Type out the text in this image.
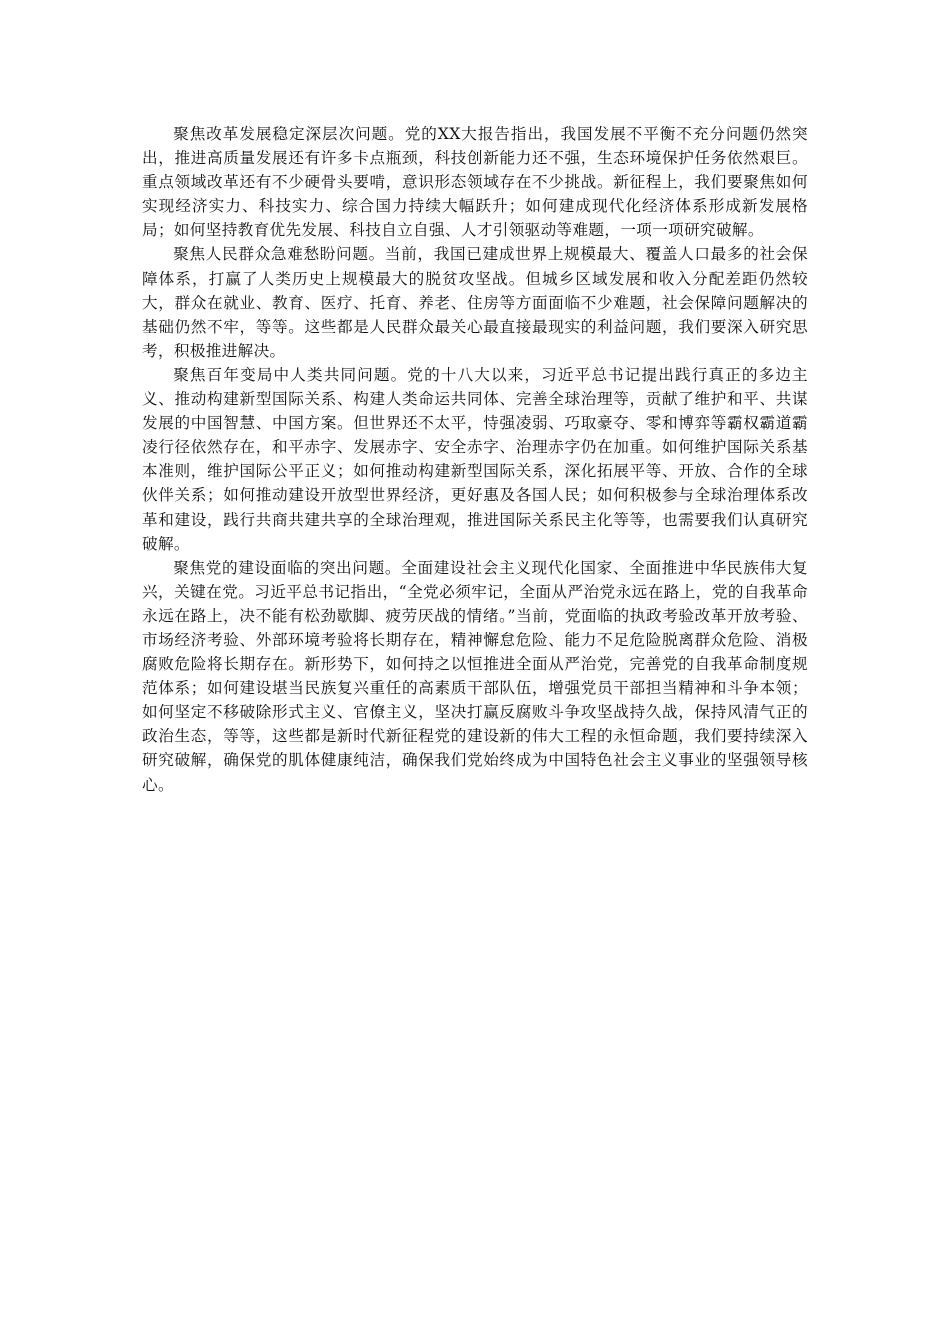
聚焦改革发展稳定深层次问题。党的XX大报告指出，我国发展不平衡不充分问题仍然突出，推进高质量发展还有许多卡点瓶颈，科技创新能力还不强，生态环境保护任务依然艰巨。重点领域改革还有不少硬骨头要啃，意识形态领域存在不少挑战。新征程上，我们要聚焦如何实现经济实力、科技实力、综合国力持续大幅跃升；如何建成现代化经济体系形成新发展格局；如何坚持教育优先发展、科技自立自强、人才引领驱动等难题，一项一项研究破解。

聚焦人民群众急难愁盼问题。当前，我国已建成世界上规模最大、覆盖人口最多的社会保障体系，打赢了人类历史上规模最大的脱贫攻坚战。但城乡区域发展和收入分配差距仍然较大，群众在就业、教育、医疗、托育、养老、住房等方面面临不少难题，社会保障问题解决的基础仍然不牢，等等。这些都是人民群众最关心最直接最现实的利益问题，我们要深入研究思考，积极推进解决。

聚焦百年变局中人类共同问题。党的十八大以来，习近平总书记提出践行真正的多边主义、推动构建新型国际关系、构建人类命运共同体、完善全球治理等，贡献了维护和平、共谋发展的中国智慧、中国方案。但世界还不太平，恃强凌弱、巧取豪夺、零和博弈等霸权霸道霸凌行径依然存在，和平赤字、发展赤字、安全赤字、治理赤字仍在加重。如何维护国际关系基本准则，维护国际公平正义；如何推动构建新型国际关系，深化拓展平等、开放、合作的全球伙伴关系；如何推动建设开放型世界经济，更好惠及各国人民；如何积极参与全球治理体系改革和建设，践行共商共建共享的全球治理观，推进国际关系民主化等等，也需要我们认真研究破解。

聚焦党的建设面临的突出问题。全面建设社会主义现代化国家、全面推进中华民族伟大复兴，关键在党。习近平总书记指出，“全党必须牢记，全面从严治党永远在路上，党的自我革命永远在路上，决不能有松劲歇脚、疲劳厌战的情绪。”当前，党面临的执政考验改革开放考验、市场经济考验、外部环境考验将长期存在，精神懈怠危险、能力不足危险脱离群众危险、消极腐败危险将长期存在。新形势下，如何持之以恒推进全面从严治党，完善党的自我革命制度规范体系；如何建设堪当民族复兴重任的高素质干部队伍，增强党员干部担当精神和斗争本领；如何坚定不移破除形式主义、官僚主义，坚决打赢反腐败斗争攻坚战持久战，保持风清气正的政治生态，等等，这些都是新时代新征程党的建设新的伟大工程的永恒命题，我们要持续深入研究破解，确保党的肌体健康纯洁，确保我们党始终成为中国特色社会主义事业的坚强领导核心。
